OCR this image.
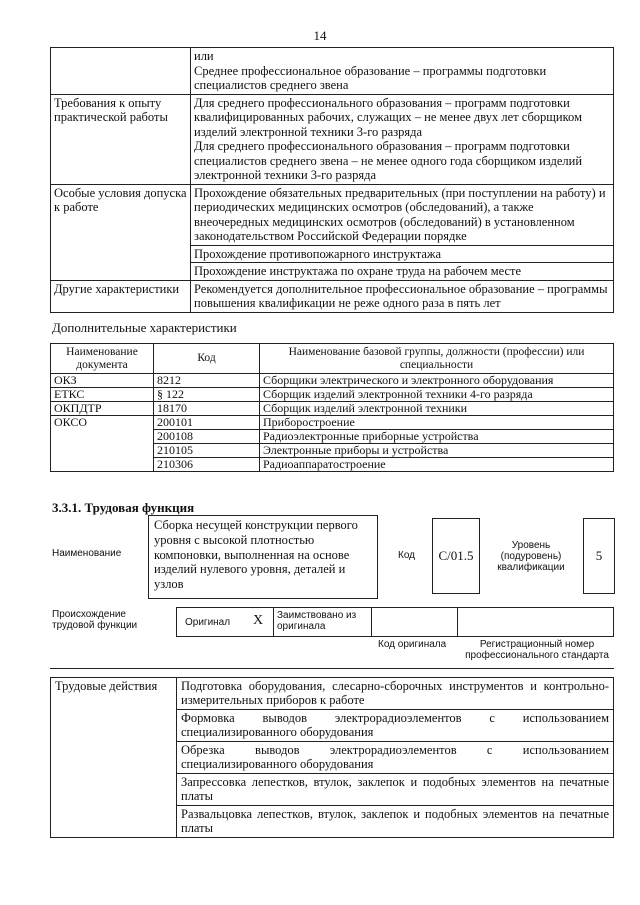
14
	или
Среднее профессиональное образование – программы подготовки специалистов среднего звена
Требования к опыту практической работы	Для среднего профессионального образования – программ подготовки квалифицированных рабочих, служащих – не менее двух лет сборщиком изделий электронной техники 3-го разряда
Для среднего профессионального образования – программ подготовки специалистов среднего звена – не менее одного года сборщиком изделий электронной техники 3-го разряда
Особые условия допуска к работе	Прохождение обязательных предварительных (при поступлении на работу) и периодических медицинских осмотров (обследований), а также внеочередных медицинских осмотров (обследований) в установленном законодательством Российской Федерации порядке
	Прохождение противопожарного инструктажа
	Прохождение инструктажа по охране труда на рабочем месте
Другие характеристики	Рекомендуется дополнительное профессиональное образование – программы повышения квалификации не реже одного раза в пять лет
Дополнительные характеристики
Наименование документа	Код	Наименование базовой группы, должности (профессии) или специальности
ОКЗ	8212	Сборщики электрического и электронного оборудования
ЕТКС	§ 122	Сборщик изделий электронной техники 4-го разряда
ОКПДТР	18170	Сборщик изделий электронной техники
ОКСО	200101	Приборостроение
	200108	Радиоэлектронные приборные устройства
	210105	Электронные приборы и устройства
	210306	Радиоаппаратостроение
3.3.1. Трудовая функция
Наименование
Сборка несущей конструкции первого уровня с высокой плотностью компоновки, выполненная на основе изделий нулевого уровня, деталей и узлов
Код C/01.5
Уровень (подуровень) квалификации
5
Происхождение трудовой функции	Оригинал X Заимствовано из оригинала
Код оригинала	Регистрационный номер профессионального стандарта
Трудовые действия	Подготовка оборудования, слесарно-сборочных инструментов и контрольно-измерительных приборов к работе
Формовка выводов электрорадиоэлементов с использованием специализированного оборудования
Обрезка выводов электрорадиоэлементов с использованием специализированного оборудования
Запрессовка лепестков, втулок, заклепок и подобных элементов на печатные платы
Развальцовка лепестков, втулок, заклепок и подобных элементов на печатные платы
